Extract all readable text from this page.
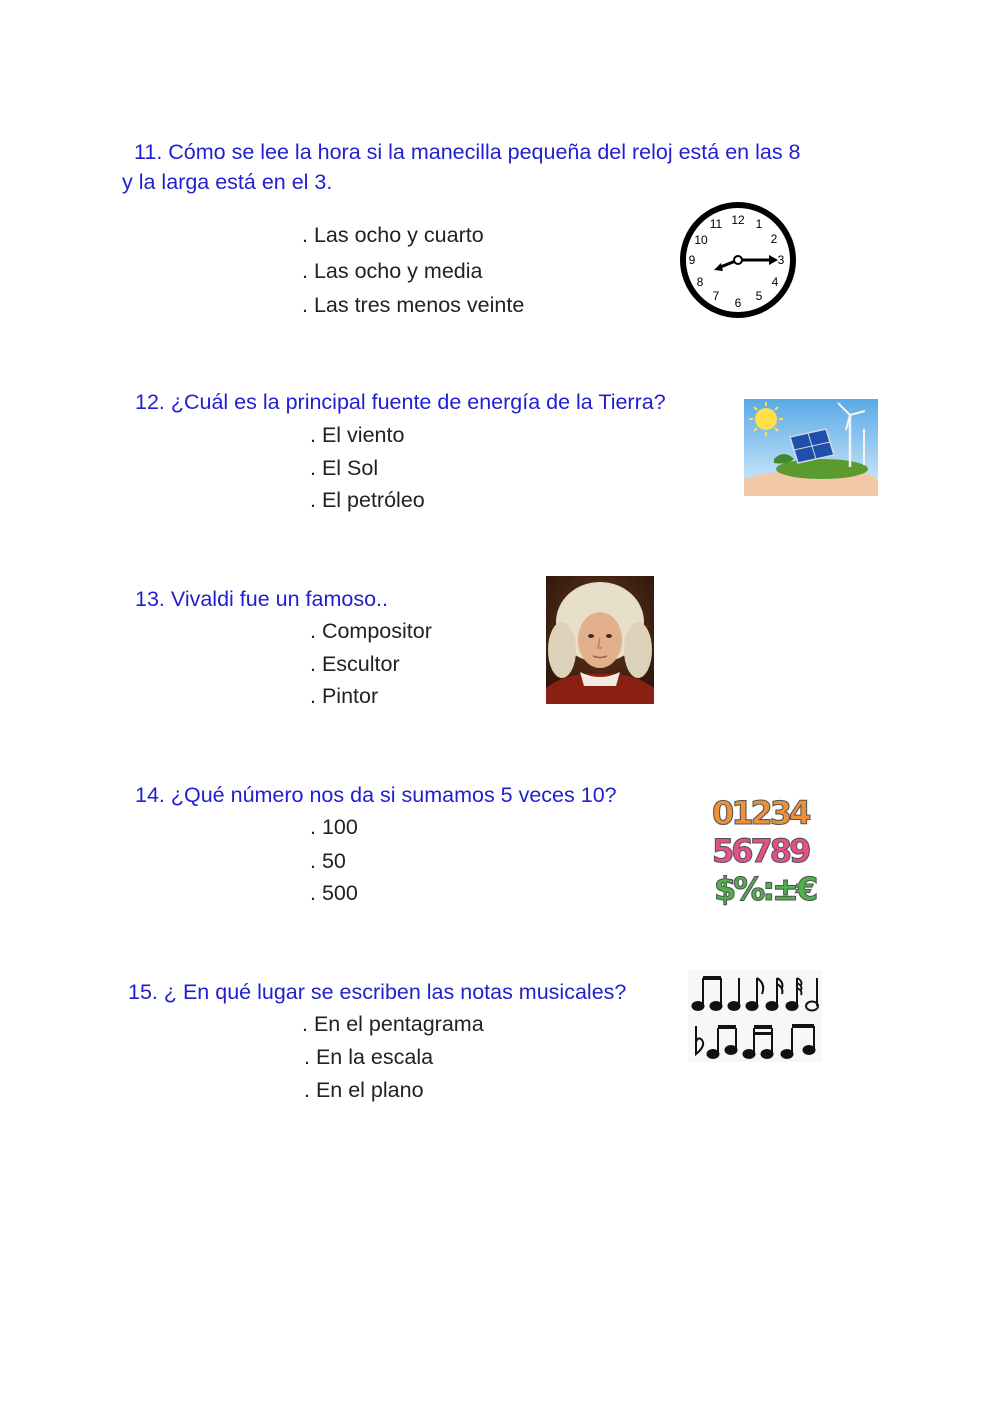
11. Cómo se lee la hora si la manecilla pequeña del reloj está en las 8
y la larga está en el 3.

. Las ocho y cuarto
. Las ocho y media
. Las tres menos veinte
12 1
2
3
4
5
6
7
8
9
10
11
12. ¿Cuál es la principal fuente de energía de la Tierra?
. El viento
. El Sol
. El petróleo
13. Vivaldi fue un famoso..
. Compositor
. Escultor
. Pintor
14. ¿Qué número nos da si sumamos 5 veces 10?
. 100
. 50
. 500
01234
56789
$%:±€
15. ¿ En qué lugar se escriben las notas musicales?
. En el pentagrama
. En la escala
. En el plano
